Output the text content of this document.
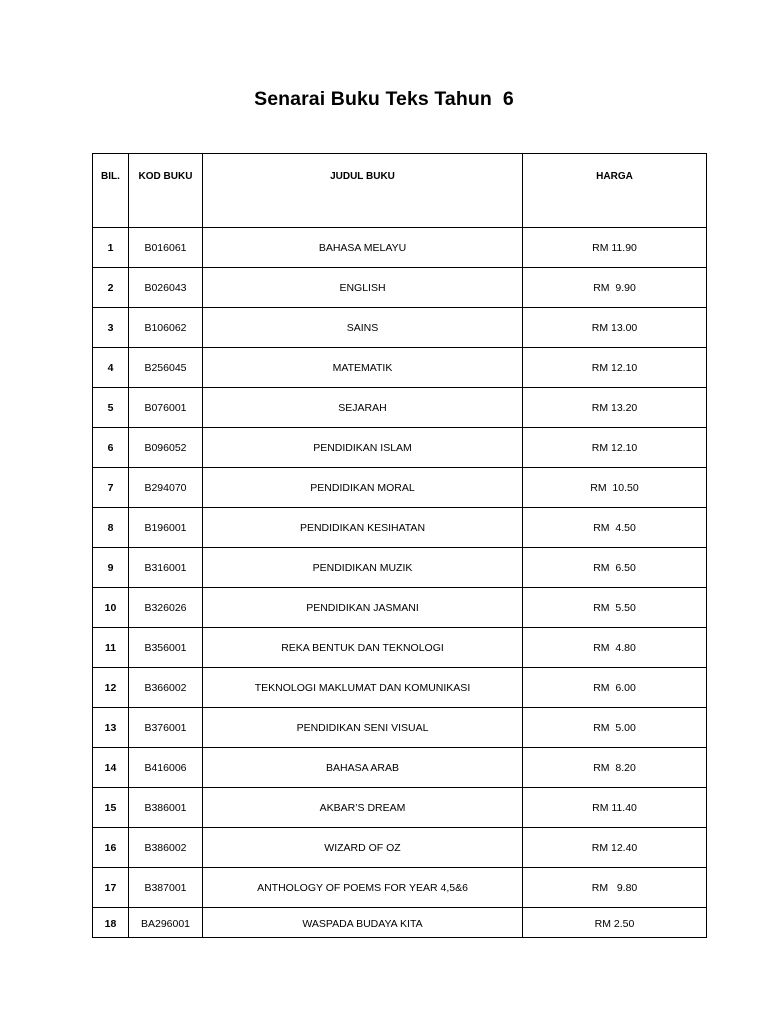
Senarai Buku Teks Tahun  6
BIL.	KOD BUKU	JUDUL BUKU	HARGA
1	B016061	BAHASA MELAYU	RM 11.90
2	B026043	ENGLISH	RM  9.90
3	B106062	SAINS	RM 13.00
4	B256045	MATEMATIK	RM 12.10
5	B076001	SEJARAH	RM 13.20
6	B096052	PENDIDIKAN ISLAM	RM 12.10
7	B294070	PENDIDIKAN MORAL	RM  10.50
8	B196001	PENDIDIKAN KESIHATAN	RM  4.50
9	B316001	PENDIDIKAN MUZIK	RM  6.50
10	B326026	PENDIDIKAN JASMANI	RM  5.50
11	B356001	REKA BENTUK DAN TEKNOLOGI	RM  4.80
12	B366002	TEKNOLOGI MAKLUMAT DAN KOMUNIKASI	RM  6.00
13	B376001	PENDIDIKAN SENI VISUAL	RM  5.00
14	B416006	BAHASA ARAB	RM  8.20
15	B386001	AKBAR’S DREAM	RM 11.40
16	B386002	WIZARD OF OZ	RM 12.40
17	B387001	ANTHOLOGY OF POEMS FOR YEAR 4,5&6	RM   9.80
18	BA296001	WASPADA BUDAYA KITA	RM 2.50
